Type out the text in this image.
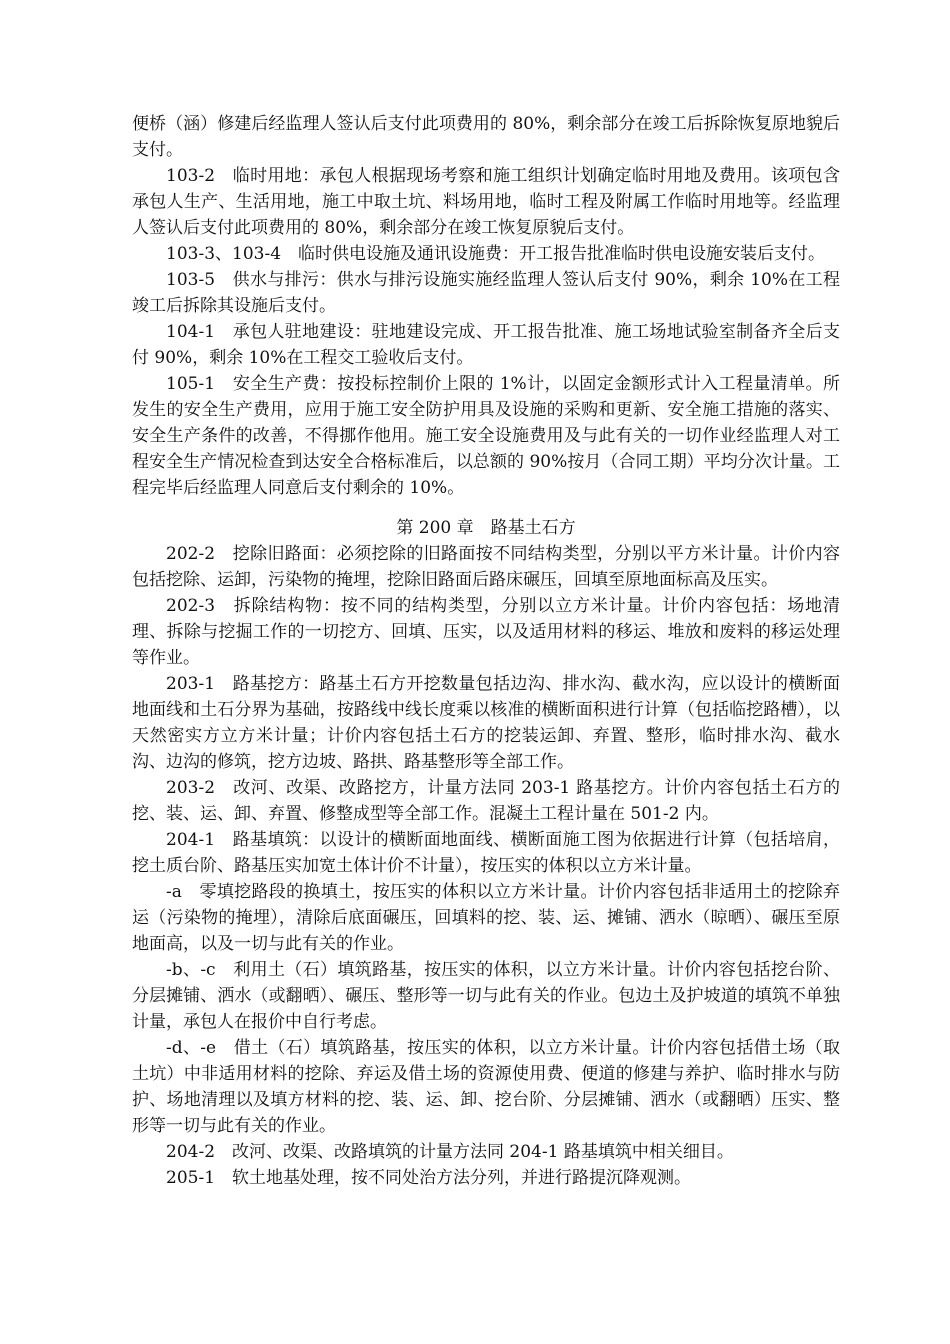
便桥（涵）修建后经监理人签认后支付此项费用的 80%，剩余部分在竣工后拆除恢复原地貌后支付。

103-2　临时用地：承包人根据现场考察和施工组织计划确定临时用地及费用。该项包含承包人生产、生活用地，施工中取土坑、料场用地，临时工程及附属工作临时用地等。经监理人签认后支付此项费用的 80%，剩余部分在竣工恢复原貌后支付。

103-3、103-4　临时供电设施及通讯设施费：开工报告批准临时供电设施安装后支付。

103-5　供水与排污：供水与排污设施实施经监理人签认后支付 90%，剩余 10%在工程竣工后拆除其设施后支付。

104-1　承包人驻地建设：驻地建设完成、开工报告批准、施工场地试验室制备齐全后支付 90%，剩余 10%在工程交工验收后支付。

105-1　安全生产费：按投标控制价上限的 1%计，以固定金额形式计入工程量清单。所发生的安全生产费用，应用于施工安全防护用具及设施的采购和更新、安全施工措施的落实、安全生产条件的改善，不得挪作他用。施工安全设施费用及与此有关的一切作业经监理人对工程安全生产情况检查到达安全合格标准后，以总额的 90%按月（合同工期）平均分次计量。工程完毕后经监理人同意后支付剩余的 10%。

第 200 章　路基土石方

202-2　挖除旧路面：必须挖除的旧路面按不同结构类型，分别以平方米计量。计价内容包括挖除、运卸，污染物的掩埋，挖除旧路面后路床碾压，回填至原地面标高及压实。

202-3　拆除结构物：按不同的结构类型，分别以立方米计量。计价内容包括：场地清理、拆除与挖掘工作的一切挖方、回填、压实，以及适用材料的移运、堆放和废料的移运处理等作业。

203-1　路基挖方：路基土石方开挖数量包括边沟、排水沟、截水沟，应以设计的横断面地面线和土石分界为基础，按路线中线长度乘以核准的横断面积进行计算（包括临挖路槽），以天然密实方立方米计量；计价内容包括土石方的挖装运卸、弃置、整形，临时排水沟、截水沟、边沟的修筑，挖方边坡、路拱、路基整形等全部工作。

203-2　改河、改渠、改路挖方，计量方法同 203-1 路基挖方。计价内容包括土石方的挖、装、运、卸、弃置、修整成型等全部工作。混凝土工程计量在 501-2 内。

204-1　路基填筑：以设计的横断面地面线、横断面施工图为依据进行计算（包括培肩，挖土质台阶、路基压实加宽土体计价不计量），按压实的体积以立方米计量。

-a　零填挖路段的换填土，按压实的体积以立方米计量。计价内容包括非适用土的挖除弃运（污染物的掩埋），清除后底面碾压，回填料的挖、装、运、摊铺、洒水（晾晒）、碾压至原地面高，以及一切与此有关的作业。

-b、-c　利用土（石）填筑路基，按压实的体积，以立方米计量。计价内容包括挖台阶、分层摊铺、洒水（或翻晒）、碾压、整形等一切与此有关的作业。包边土及护坡道的填筑不单独计量，承包人在报价中自行考虑。

-d、-e　借土（石）填筑路基，按压实的体积，以立方米计量。计价内容包括借土场（取土坑）中非适用材料的挖除、弃运及借土场的资源使用费、便道的修建与养护、临时排水与防护、场地清理以及填方材料的挖、装、运、卸、挖台阶、分层摊铺、洒水（或翻晒）压实、整形等一切与此有关的作业。

204-2　改河、改渠、改路填筑的计量方法同 204-1 路基填筑中相关细目。

205-1　软土地基处理，按不同处治方法分列，并进行路提沉降观测。
